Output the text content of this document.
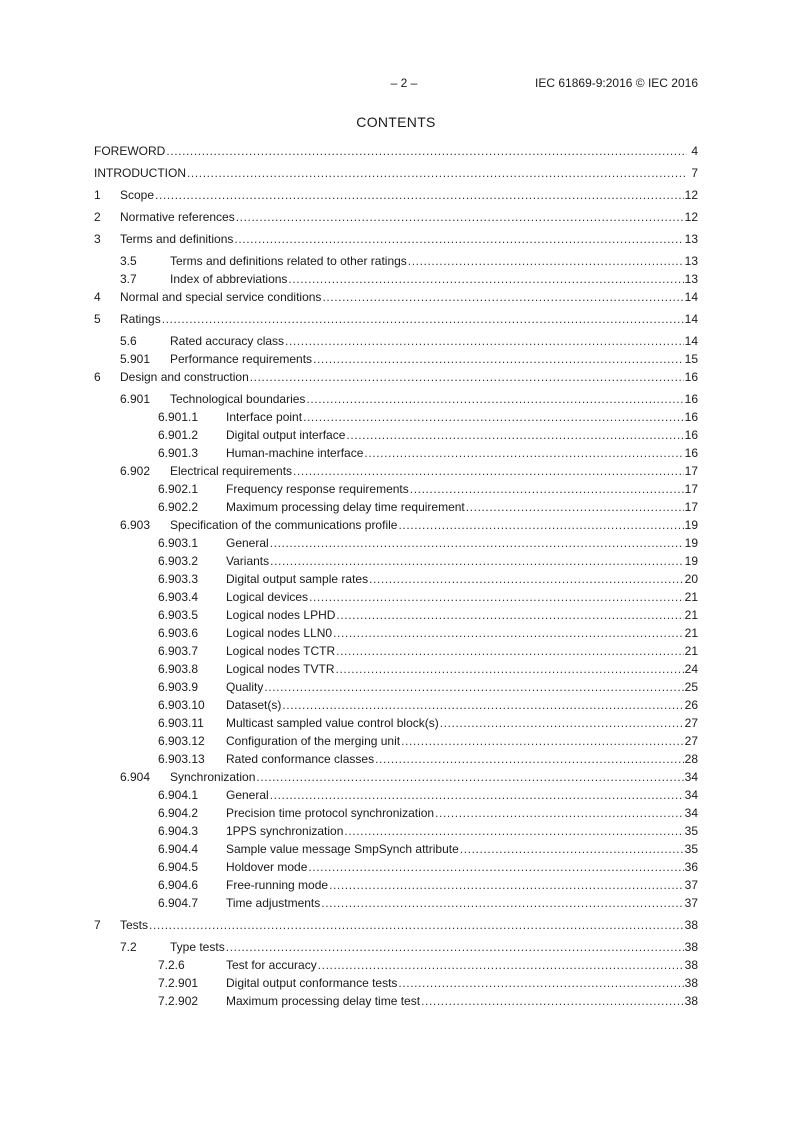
– 2 –	IEC 61869-9:2016 © IEC 2016
CONTENTS
FOREWORD .....	4
INTRODUCTION .....	7
1	Scope .....	12
2	Normative references .....	12
3	Terms and definitions .....	13
3.5	Terms and definitions related to other ratings .....	13
3.7	Index of abbreviations .....	13
4	Normal and special service conditions .....	14
5	Ratings .....	14
5.6	Rated accuracy class .....	14
5.901	Performance requirements .....	15
6	Design and construction .....	16
6.901	Technological boundaries .....	16
6.901.1	Interface point .....	16
6.901.2	Digital output interface .....	16
6.901.3	Human-machine interface .....	16
6.902	Electrical requirements .....	17
6.902.1	Frequency response requirements .....	17
6.902.2	Maximum processing delay time requirement .....	17
6.903	Specification of the communications profile .....	19
6.903.1	General .....	19
6.903.2	Variants .....	19
6.903.3	Digital output sample rates .....	20
6.903.4	Logical devices .....	21
6.903.5	Logical nodes LPHD .....	21
6.903.6	Logical nodes LLN0 .....	21
6.903.7	Logical nodes TCTR .....	21
6.903.8	Logical nodes TVTR .....	24
6.903.9	Quality .....	25
6.903.10	Dataset(s) .....	26
6.903.11	Multicast sampled value control block(s) .....	27
6.903.12	Configuration of the merging unit .....	27
6.903.13	Rated conformance classes .....	28
6.904	Synchronization .....	34
6.904.1	General .....	34
6.904.2	Precision time protocol synchronization .....	34
6.904.3	1PPS synchronization .....	35
6.904.4	Sample value message SmpSynch attribute .....	35
6.904.5	Holdover mode .....	36
6.904.6	Free-running mode .....	37
6.904.7	Time adjustments .....	37
7	Tests .....	38
7.2	Type tests .....	38
7.2.6	Test for accuracy .....	38
7.2.901	Digital output conformance tests .....	38
7.2.902	Maximum processing delay time test .....	38
